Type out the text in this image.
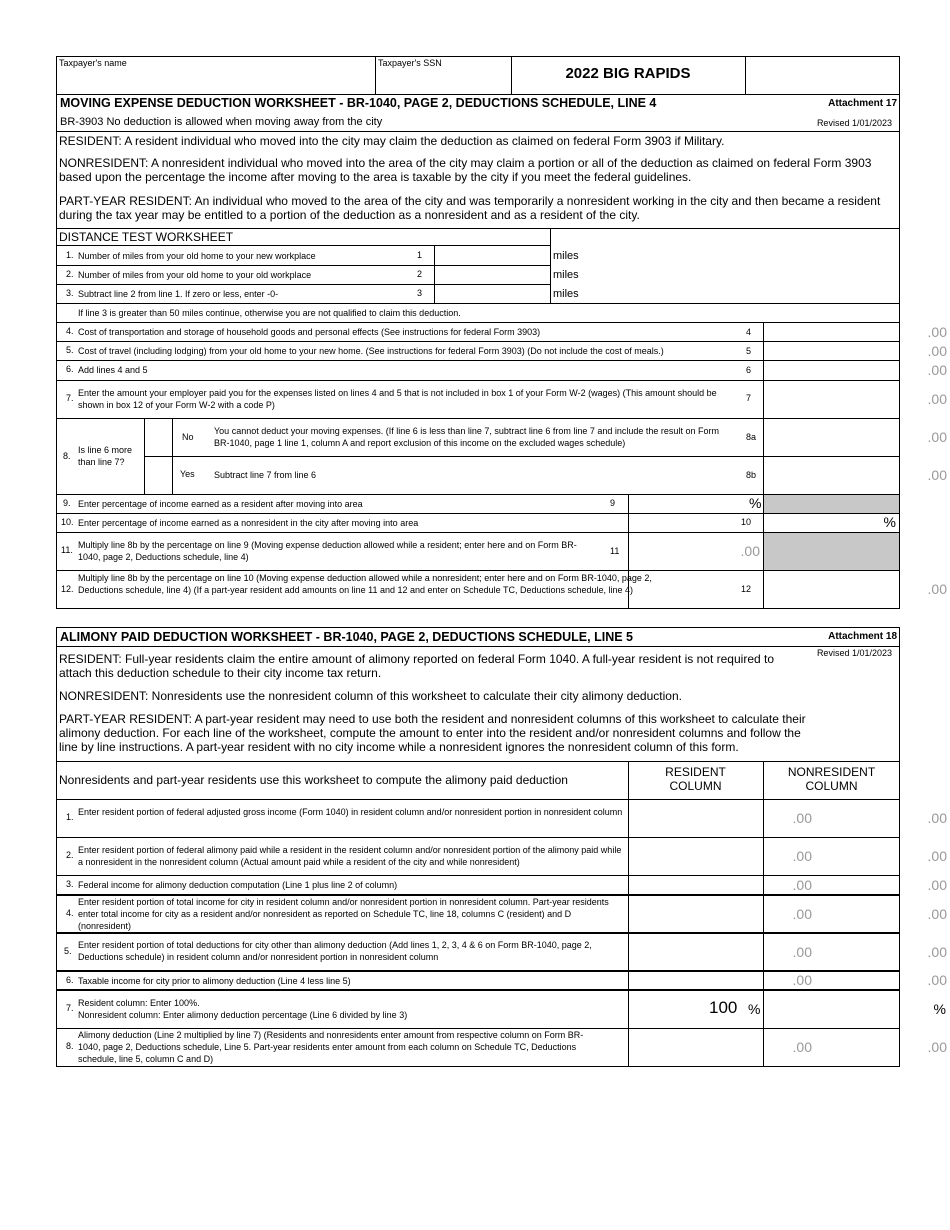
Taxpayer's name	Taxpayer's SSN
2022 BIG RAPIDS
MOVING EXPENSE DEDUCTION WORKSHEET - BR-1040, PAGE 2, DEDUCTIONS SCHEDULE, LINE 4	Attachment 17
BR-3903 No deduction is allowed when moving away from the city	Revised 1/01/2023
RESIDENT: A resident individual who moved into the city may claim the deduction as claimed on federal Form 3903 if Military.
NONRESIDENT: A nonresident individual who moved into the area of the city may claim a portion or all of the deduction as claimed on federal Form 3903 based upon the percentage the income after moving to the area is taxable by the city if you meet the federal guidelines.
PART-YEAR RESIDENT: An individual who moved to the area of the city and was temporarily a nonresident working in the city and then became a resident during the tax year may be entitled to a portion of the deduction as a nonresident and as a resident of the city.
DISTANCE TEST WORKSHEET
1. Number of miles from your old home to your new workplace	1	miles
2. Number of miles from your old home to your old workplace	2	miles
3. Subtract line 2 from line 1. If zero or less, enter -0-	3	miles
If line 3 is greater than 50 miles continue, otherwise you are not qualified to claim this deduction.
4. Cost of transportation and storage of household goods and personal effects (See instructions for federal Form 3903)	4	.00
5. Cost of travel (including lodging) from your old home to your new home. (See instructions for federal Form 3903) (Do not include the cost of meals.)	5	.00
6. Add lines 4 and 5	6	.00
7. Enter the amount your employer paid you for the expenses listed on lines 4 and 5 that is not included in box 1 of your Form W-2 (wages) (This amount should be shown in box 12 of your Form W-2 with a code P)
7	.00
8.
Is line 6 more than line 7?
No
You cannot deduct your moving expenses. (If line 6 is less than line 7, subtract line 6 from line 7 and include the result on Form BR-1040, page 1 line 1, column A and report exclusion of this income on the excluded wages schedule)
8a	.00
Yes Subtract line 7 from line 6	8b	.00
9. Enter percentage of income earned as a resident after moving into area	9	%
10. Enter percentage of income earned as a nonresident in the city after moving into area	10	%
11. Multiply line 8b by the percentage on line 9 (Moving expense deduction allowed while a resident; enter here and on Form BR-1040, page 2, Deductions schedule, line 4)
11	.00
12.
Multiply line 8b by the percentage on line 10 (Moving expense deduction allowed while a nonresident; enter here and on Form BR-1040, page 2, Deductions schedule, line 4) (If a part-year resident add amounts on line 11 and 12 and enter on Schedule TC, Deductions schedule, line 4)	12	.00
ALIMONY PAID DEDUCTION WORKSHEET - BR-1040, PAGE 2, DEDUCTIONS SCHEDULE, LINE 5	Attachment 18
Revised 1/01/2023
RESIDENT: Full-year residents claim the entire amount of alimony reported on federal Form 1040. A full-year resident is not required to attach this deduction schedule to their city income tax return.
NONRESIDENT: Nonresidents use the nonresident column of this worksheet to calculate their city alimony deduction.
PART-YEAR RESIDENT: A part-year resident may need to use both the resident and nonresident columns of this worksheet to calculate their alimony deduction. For each line of the worksheet, compute the amount to enter into the resident and/or nonresident columns and follow the line by line instructions. A part-year resident with no city income while a nonresident ignores the nonresident column of this form.
Nonresidents and part-year residents use this worksheet to compute the alimony paid deduction
RESIDENT COLUMN
NONRESIDENT COLUMN
1. Enter resident portion of federal adjusted gross income (Form 1040) in resident column and/or nonresident portion in nonresident column	.00	.00
2. Enter resident portion of federal alimony paid while a resident in the resident column and/or nonresident portion of the alimony paid while a nonresident in the nonresident column (Actual amount paid while a resident of the city and while nonresident)	.00	.00
3. Federal income for alimony deduction computation (Line 1 plus line 2 of column)	.00	.00
4.
Enter resident portion of total income for city in resident column and/or nonresident portion in nonresident column. Part-year residents enter total income for city as a resident and/or nonresident as reported on Schedule TC, line 18, columns C (resident) and D (nonresident)
.00	.00
5.
Enter resident portion of total deductions for city other than alimony deduction (Add lines 1, 2, 3, 4 & 6 on Form BR-1040, page 2, Deductions schedule) in resident column and/or nonresident portion in nonresident column	.00	.00
6. Taxable income for city prior to alimony deduction (Line 4 less line 5)	.00	.00
7. Resident column: Enter 100%.
Nonresident column: Enter alimony deduction percentage (Line 6 divided by line 3)	100 %	%
8.
Alimony deduction (Line 2 multiplied by line 7) (Residents and nonresidents enter amount from respective column on Form BR-1040, page 2, Deductions schedule, Line 5. Part-year residents enter amount from each column on Schedule TC, Deductions schedule, line 5, column C and D)
.00	.00
